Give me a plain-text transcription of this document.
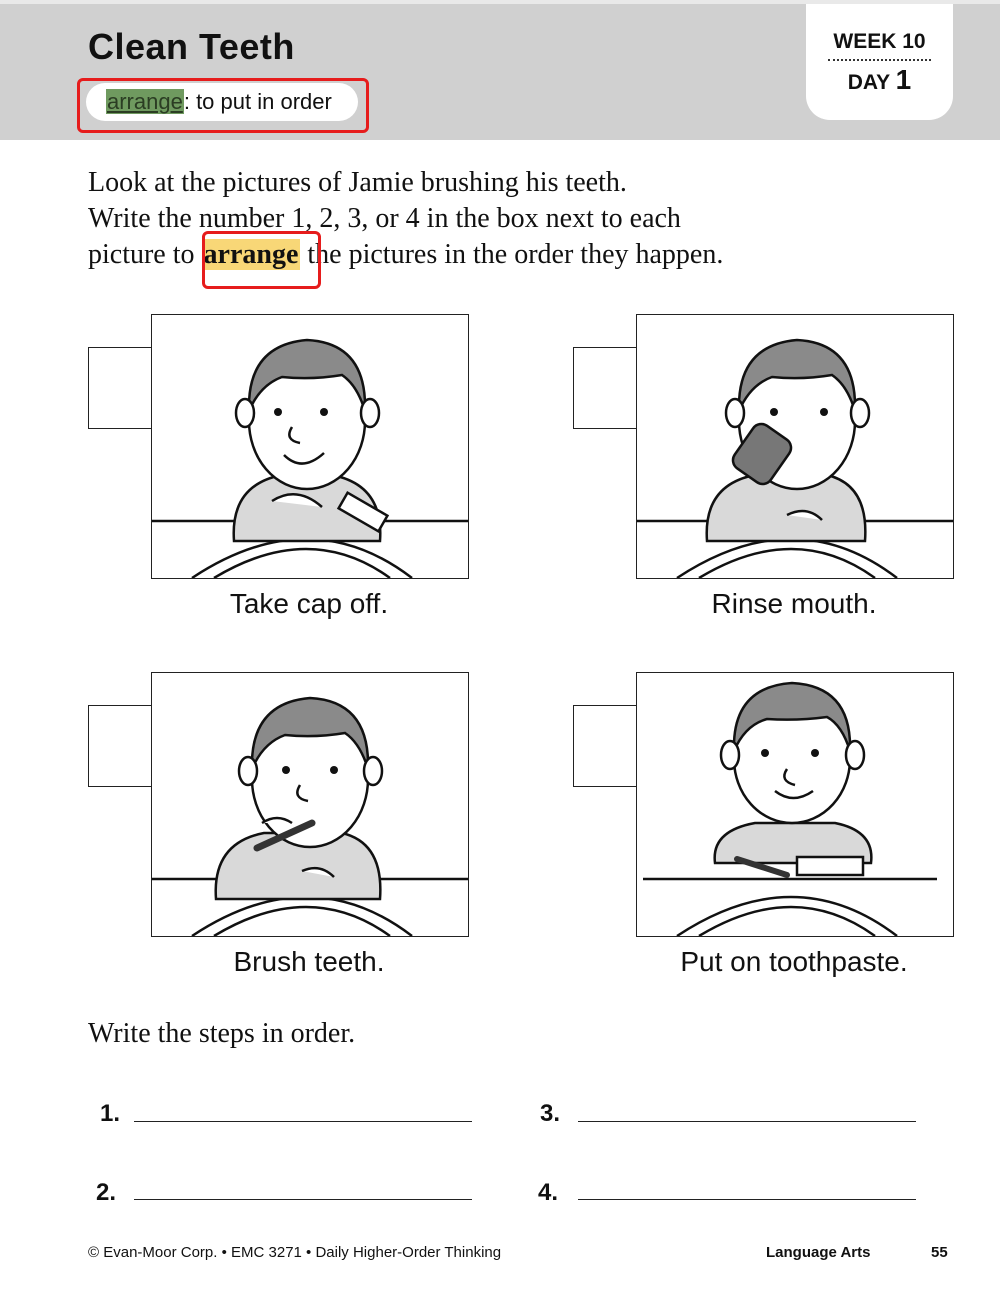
Clean Teeth
arrange: to put in order
WEEK 10
DAY 1
Look at the pictures of Jamie brushing his teeth.
Write the number 1, 2, 3, or 4 in the box next to each
picture to arrange the pictures in the order they happen.
Take cap off.	Rinse mouth.
Brush teeth.	Put on toothpaste.
Write the steps in order.
1.
2.
3.
4.
© Evan-Moor Corp. • EMC 3271 • Daily Higher-Order Thinking	Language Arts	55
